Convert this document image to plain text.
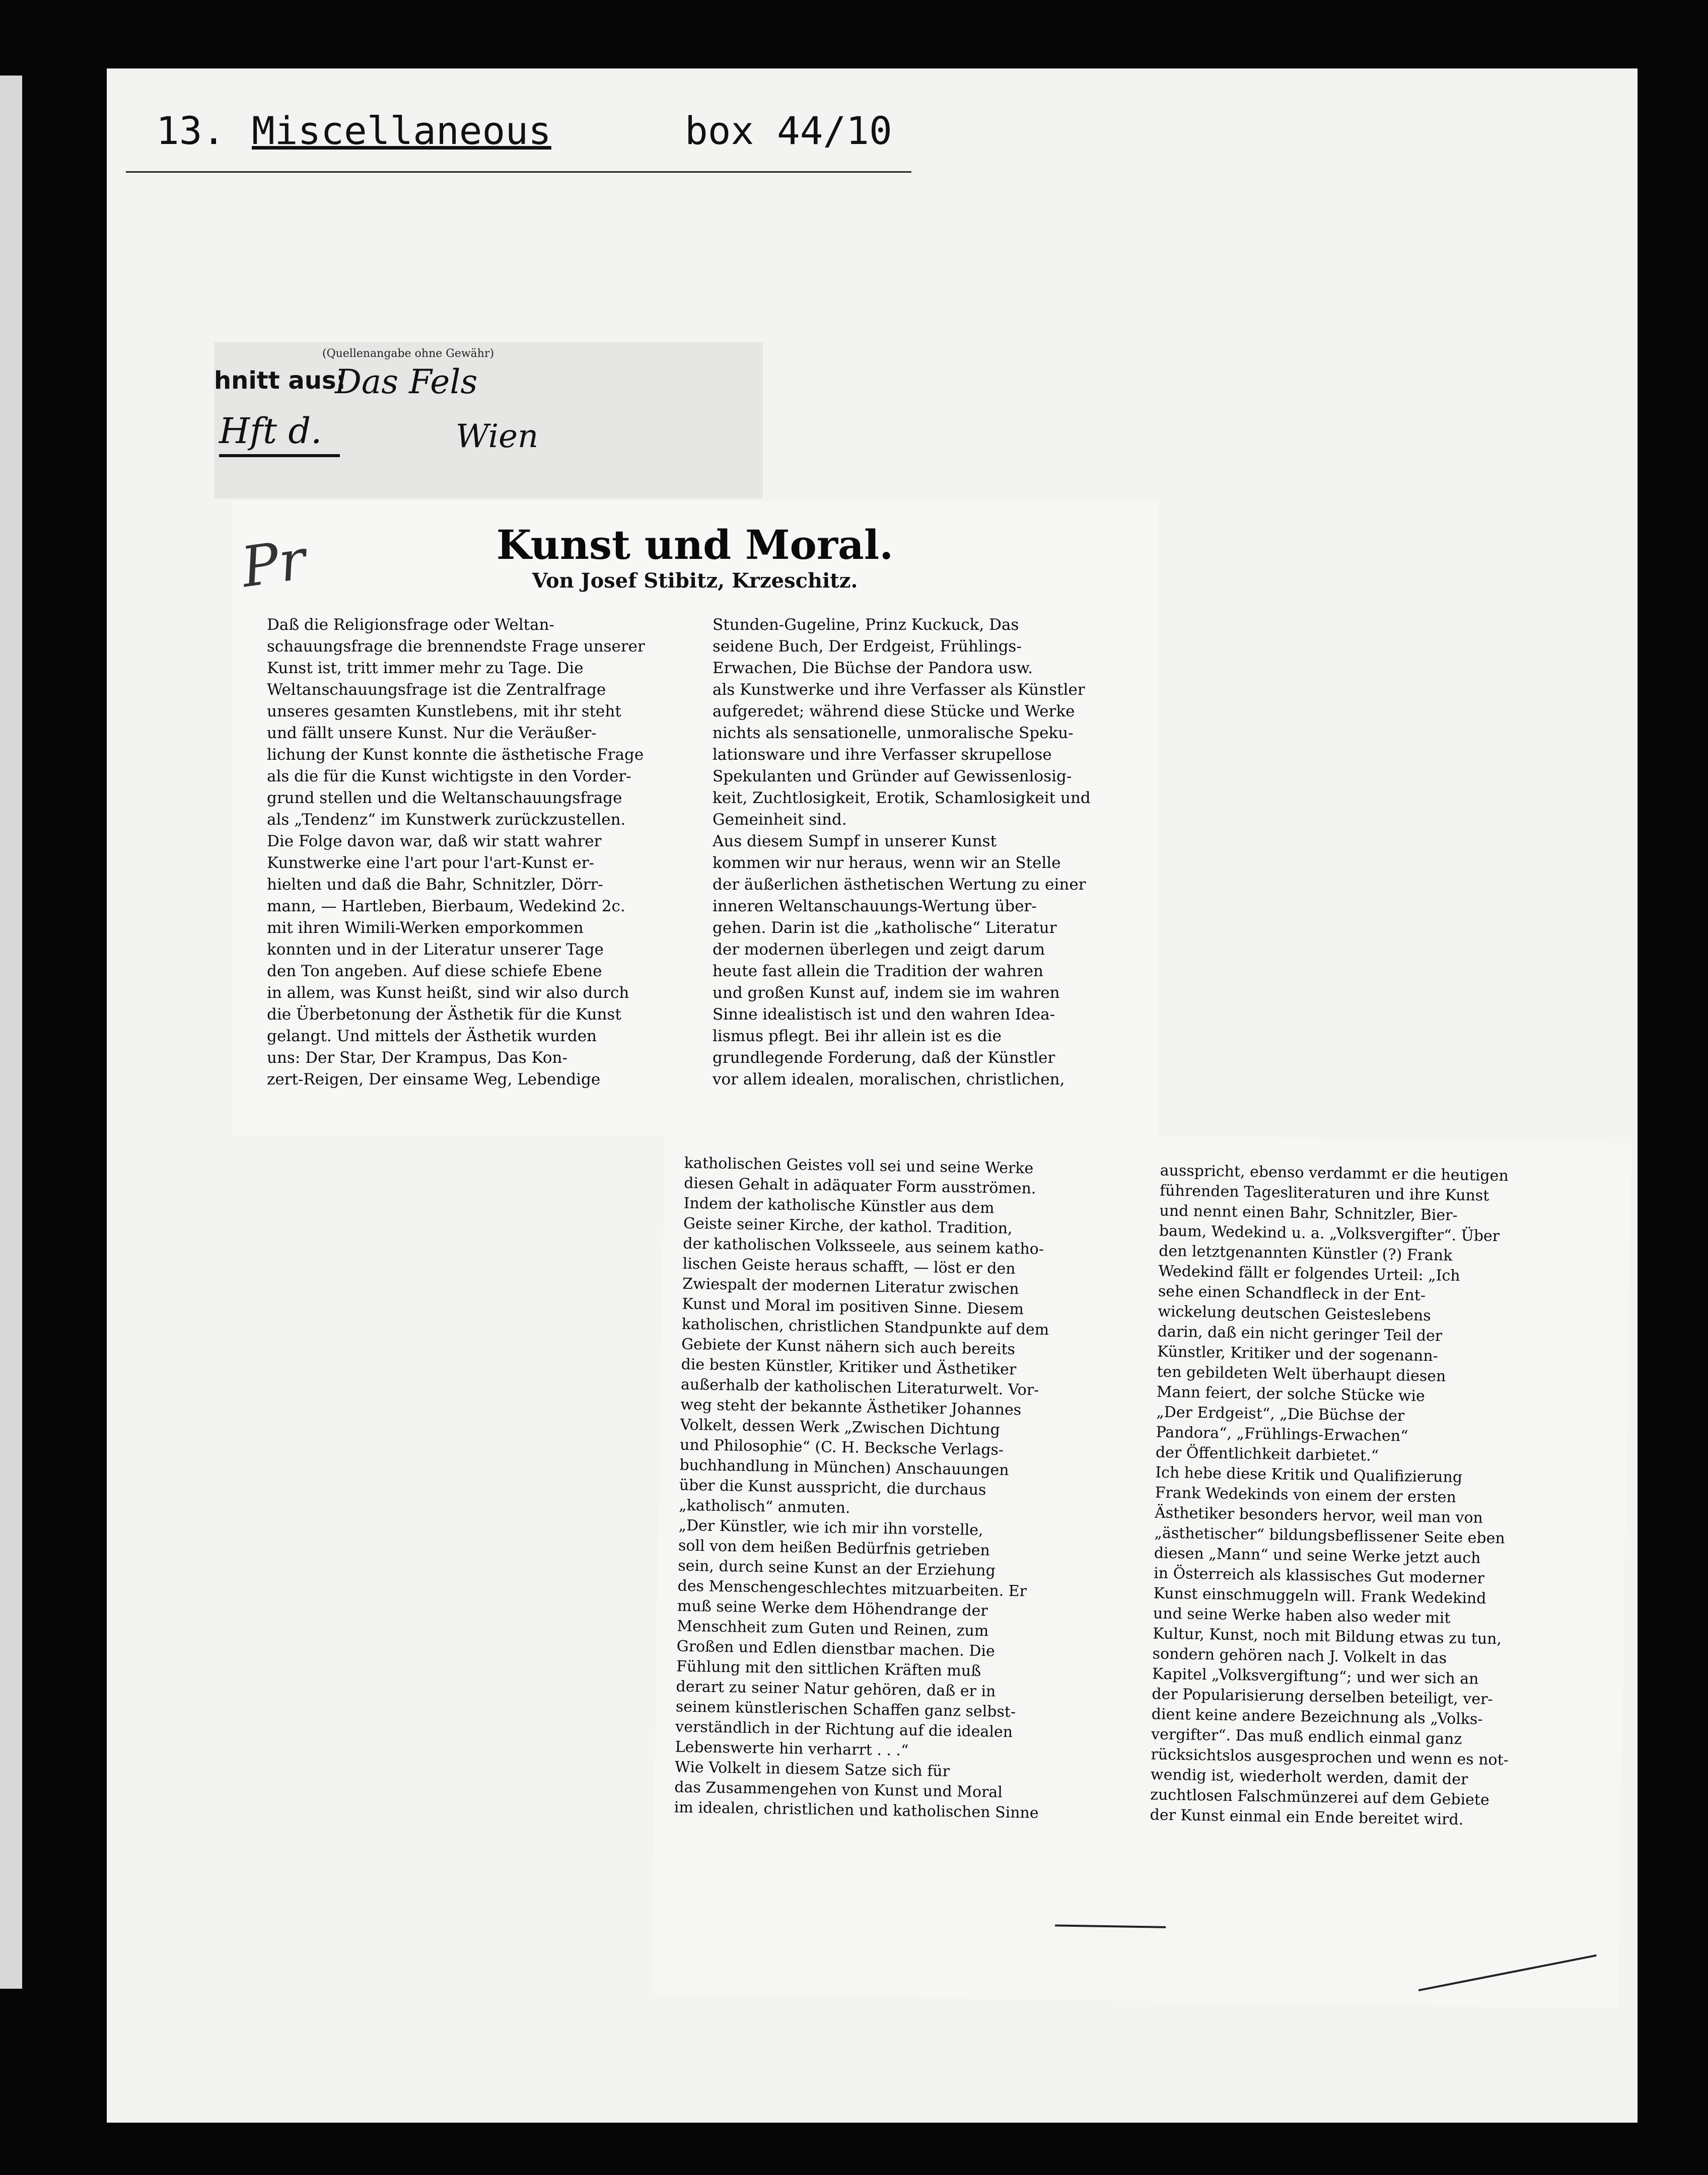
13. Miscellaneous	box 44/10
(Quellenangabe ohne Gewähr)
hnitt aus:
Das Fels
Hft d.	Wien
Pr	Kunst und Moral.
Von Josef Stibitz, Krzeschitz.
Daß die Religionsfrage oder Weltan-
schauungsfrage die brennendste Frage unserer
Kunst ist, tritt immer mehr zu Tage. Die
Weltanschauungsfrage ist die Zentralfrage
unseres gesamten Kunstlebens, mit ihr steht
und fällt unsere Kunst. Nur die Veräußer-
lichung der Kunst konnte die ästhetische Frage
als die für die Kunst wichtigste in den Vorder-
grund stellen und die Weltanschauungsfrage
als „Tendenz“ im Kunstwerk zurückzustellen.
Die Folge davon war, daß wir statt wahrer
Kunstwerke eine l'art pour l'art-Kunst er-
hielten und daß die Bahr, Schnitzler, Dörr-
mann, — Hartleben, Bierbaum, Wedekind 2c.
mit ihren Wimili-Werken emporkommen
konnten und in der Literatur unserer Tage
den Ton angeben. Auf diese schiefe Ebene
in allem, was Kunst heißt, sind wir also durch
die Überbetonung der Ästhetik für die Kunst
gelangt. Und mittels der Ästhetik wurden
uns: Der Star, Der Krampus, Das Kon-
zert-Reigen, Der einsame Weg, Lebendige
Stunden-Gugeline, Prinz Kuckuck, Das
seidene Buch, Der Erdgeist, Frühlings-
Erwachen, Die Büchse der Pandora usw.
als Kunstwerke und ihre Verfasser als Künstler
aufgeredet; während diese Stücke und Werke
nichts als sensationelle, unmoralische Speku-
lationsware und ihre Verfasser skrupellose
Spekulanten und Gründer auf Gewissenlosig-
keit, Zuchtlosigkeit, Erotik, Schamlosigkeit und
Gemeinheit sind.
Aus diesem Sumpf in unserer Kunst
kommen wir nur heraus, wenn wir an Stelle
der äußerlichen ästhetischen Wertung zu einer
inneren Weltanschauungs-Wertung über-
gehen. Darin ist die „katholische“ Literatur
der modernen überlegen und zeigt darum
heute fast allein die Tradition der wahren
und großen Kunst auf, indem sie im wahren
Sinne idealistisch ist und den wahren Idea-
lismus pflegt. Bei ihr allein ist es die
grundlegende Forderung, daß der Künstler
vor allem idealen, moralischen, christlichen,
katholischen Geistes voll sei und seine Werke
diesen Gehalt in adäquater Form ausströmen.
Indem der katholische Künstler aus dem
Geiste seiner Kirche, der kathol. Tradition,
der katholischen Volksseele, aus seinem katho-
lischen Geiste heraus schafft, — löst er den
Zwiespalt der modernen Literatur zwischen
Kunst und Moral im positiven Sinne. Diesem
katholischen, christlichen Standpunkte auf dem
Gebiete der Kunst nähern sich auch bereits
die besten Künstler, Kritiker und Ästhetiker
außerhalb der katholischen Literaturwelt. Vor-
weg steht der bekannte Ästhetiker Johannes
Volkelt, dessen Werk „Zwischen Dichtung
und Philosophie“ (C. H. Becksche Verlags-
buchhandlung in München) Anschauungen
über die Kunst ausspricht, die durchaus
„katholisch“ anmuten.
„Der Künstler, wie ich mir ihn vorstelle,
soll von dem heißen Bedürfnis getrieben
sein, durch seine Kunst an der Erziehung
des Menschengeschlechtes mitzuarbeiten. Er
muß seine Werke dem Höhendrange der
Menschheit zum Guten und Reinen, zum
Großen und Edlen dienstbar machen. Die
Fühlung mit den sittlichen Kräften muß
derart zu seiner Natur gehören, daß er in
seinem künstlerischen Schaffen ganz selbst-
verständlich in der Richtung auf die idealen
Lebenswerte hin verharrt . . .“
Wie Volkelt in diesem Satze sich für
das Zusammengehen von Kunst und Moral
im idealen, christlichen und katholischen Sinne
ausspricht, ebenso verdammt er die heutigen
führenden Tagesliteraturen und ihre Kunst
und nennt einen Bahr, Schnitzler, Bier-
baum, Wedekind u. a. „Volksvergifter“. Über
den letztgenannten Künstler (?) Frank
Wedekind fällt er folgendes Urteil: „Ich
sehe einen Schandfleck in der Ent-
wickelung deutschen Geisteslebens
darin, daß ein nicht geringer Teil der
Künstler, Kritiker und der sogenann-
ten gebildeten Welt überhaupt diesen
Mann feiert, der solche Stücke wie
„Der Erdgeist“, „Die Büchse der
Pandora“, „Frühlings-Erwachen“
der Öffentlichkeit darbietet.“
Ich hebe diese Kritik und Qualifizierung
Frank Wedekinds von einem der ersten
Ästhetiker besonders hervor, weil man von
„ästhetischer“ bildungsbeflissener Seite eben
diesen „Mann“ und seine Werke jetzt auch
in Österreich als klassisches Gut moderner
Kunst einschmuggeln will. Frank Wedekind
und seine Werke haben also weder mit
Kultur, Kunst, noch mit Bildung etwas zu tun,
sondern gehören nach J. Volkelt in das
Kapitel „Volksvergiftung“; und wer sich an
der Popularisierung derselben beteiligt, ver-
dient keine andere Bezeichnung als „Volks-
vergifter“. Das muß endlich einmal ganz
rücksichtslos ausgesprochen und wenn es not-
wendig ist, wiederholt werden, damit der
zuchtlosen Falschmünzerei auf dem Gebiete
der Kunst einmal ein Ende bereitet wird.
